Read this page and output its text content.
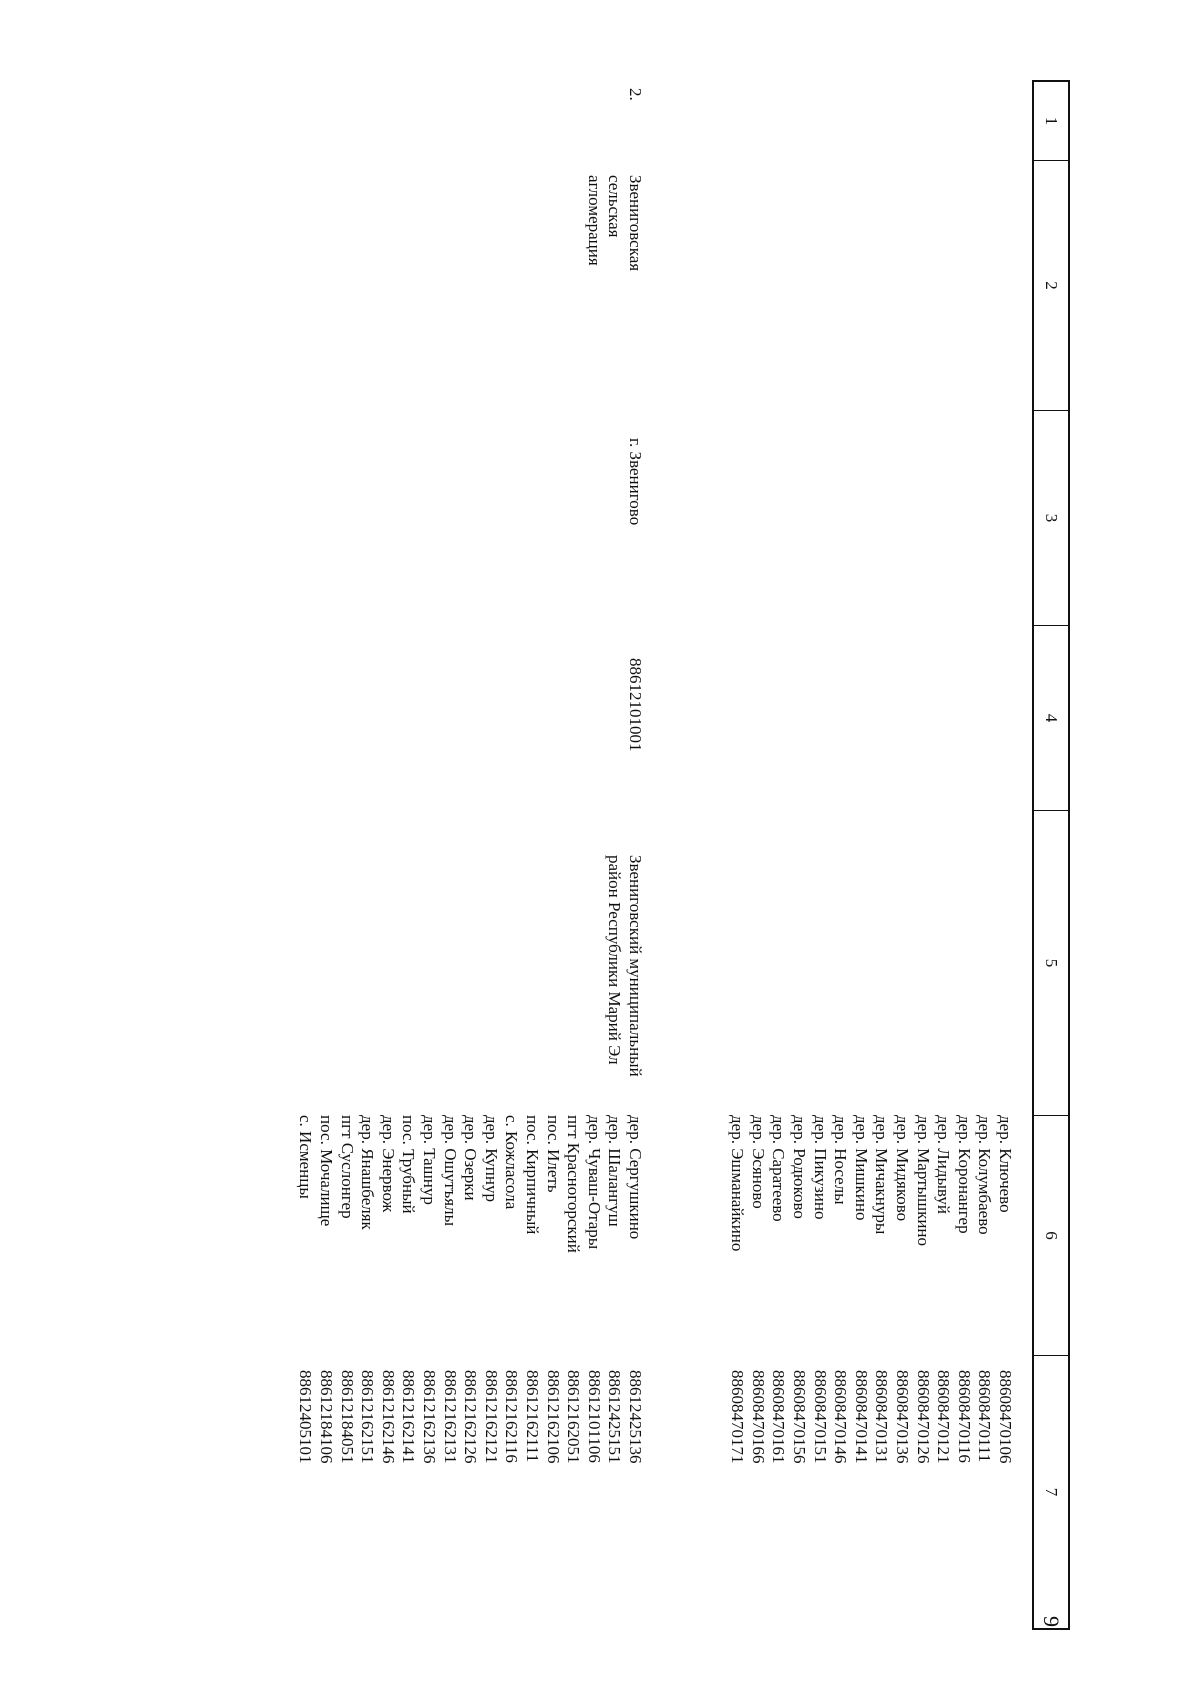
9
1
2
3
4
5
6
7
дер. Ключево
дер. Колумбаево
дер. Кopoнангер
дер. Лидывуй
дер. Мартышкино
дер. Мидяково
дер. Мичакнуры
дер. Мишкино
дер. Носелы
дер. Пикузино
дер. Родюково
дер. Саратеево
дер. Эсяново
дер. Эшманайкино
88608470106
88608470111
88608470116
88608470121
88608470126
88608470136
88608470131
88608470141
88608470146
88608470151
88608470156
88608470161
88608470166
88608470171
2.
Звениговская
сельская
агломерация
г. Звенигово
88612101001
Звениговский муниципальный
район Республики Марий Эл
дер. Сергушкино
дер. Шалангуш
дер. Чуваш-Отары
пгт Красногорский
пос. Илеть
пос. Кирпичный
с. Кожласола
дер. Купнур
дер. Озерки
дер. Ошутъялы
дер. Ташнур
пос. Трубный
дер. Энервож
дер. Янашбеляк
пгт Суслонгер
пос. Мочалище
с. Исменцы
88612425136
88612425151
88612101106
88612162051
88612162106
88612162111
88612162116
88612162121
88612162126
88612162131
88612162136
88612162141
88612162146
88612162151
88612184051
88612184106
88612405101
